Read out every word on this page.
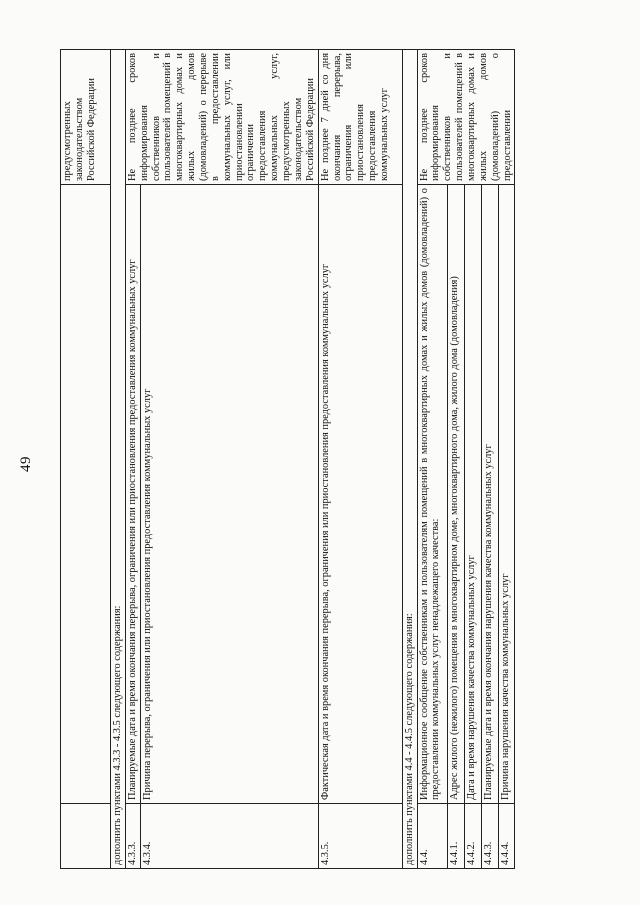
49
		предусмотренных законодательством Российской Федерации
дополнить пунктами 4.3.3 - 4.3.5 следующего содержания:		
4.3.3.	Планируемые дата и время окончания перерыва, ограничения или приостановления предоставления коммунальных услуг	Не позднее сроков информирования собственников и пользователей помещений в многоквартирных домах и жилых домов (домовладений) о перерыве в предоставлении коммунальных услуг, или приостановлении ограничении предоставления коммунальных услуг, предусмотренных законодательством Российской Федерации
4.3.4.	Причина перерыва, ограничения или приостановления предоставления коммунальных услуг	
4.3.5.	Фактическая дата и время окончания перерыва, ограничения или приостановления предоставления коммунальных услуг	Не позднее 7 дней со дня окончания перерыва, ограничения или приостановления предоставления коммунальных услуг
дополнить пунктами 4.4 - 4.4.5 следующего содержания:		
4.4.	Информационное сообщение собственникам и пользователям помещений в многоквартирных домах и жилых домов (домовладений) о предоставлении коммунальных услуг ненадлежащего качества:	Не позднее сроков информирования собственников и пользователей помещений в многоквартирных домах и жилых домов (домовладений) о предоставлении
4.4.1.	Адрес жилого (нежилого) помещения в многоквартирном доме, многоквартирного дома, жилого дома (домовладения)	
4.4.2.	Дата и время нарушения качества коммунальных услуг	
4.4.3.	Планируемые дата и время окончания нарушения качества коммунальных услуг	
4.4.4.	Причина нарушения качества коммунальных услуг	
